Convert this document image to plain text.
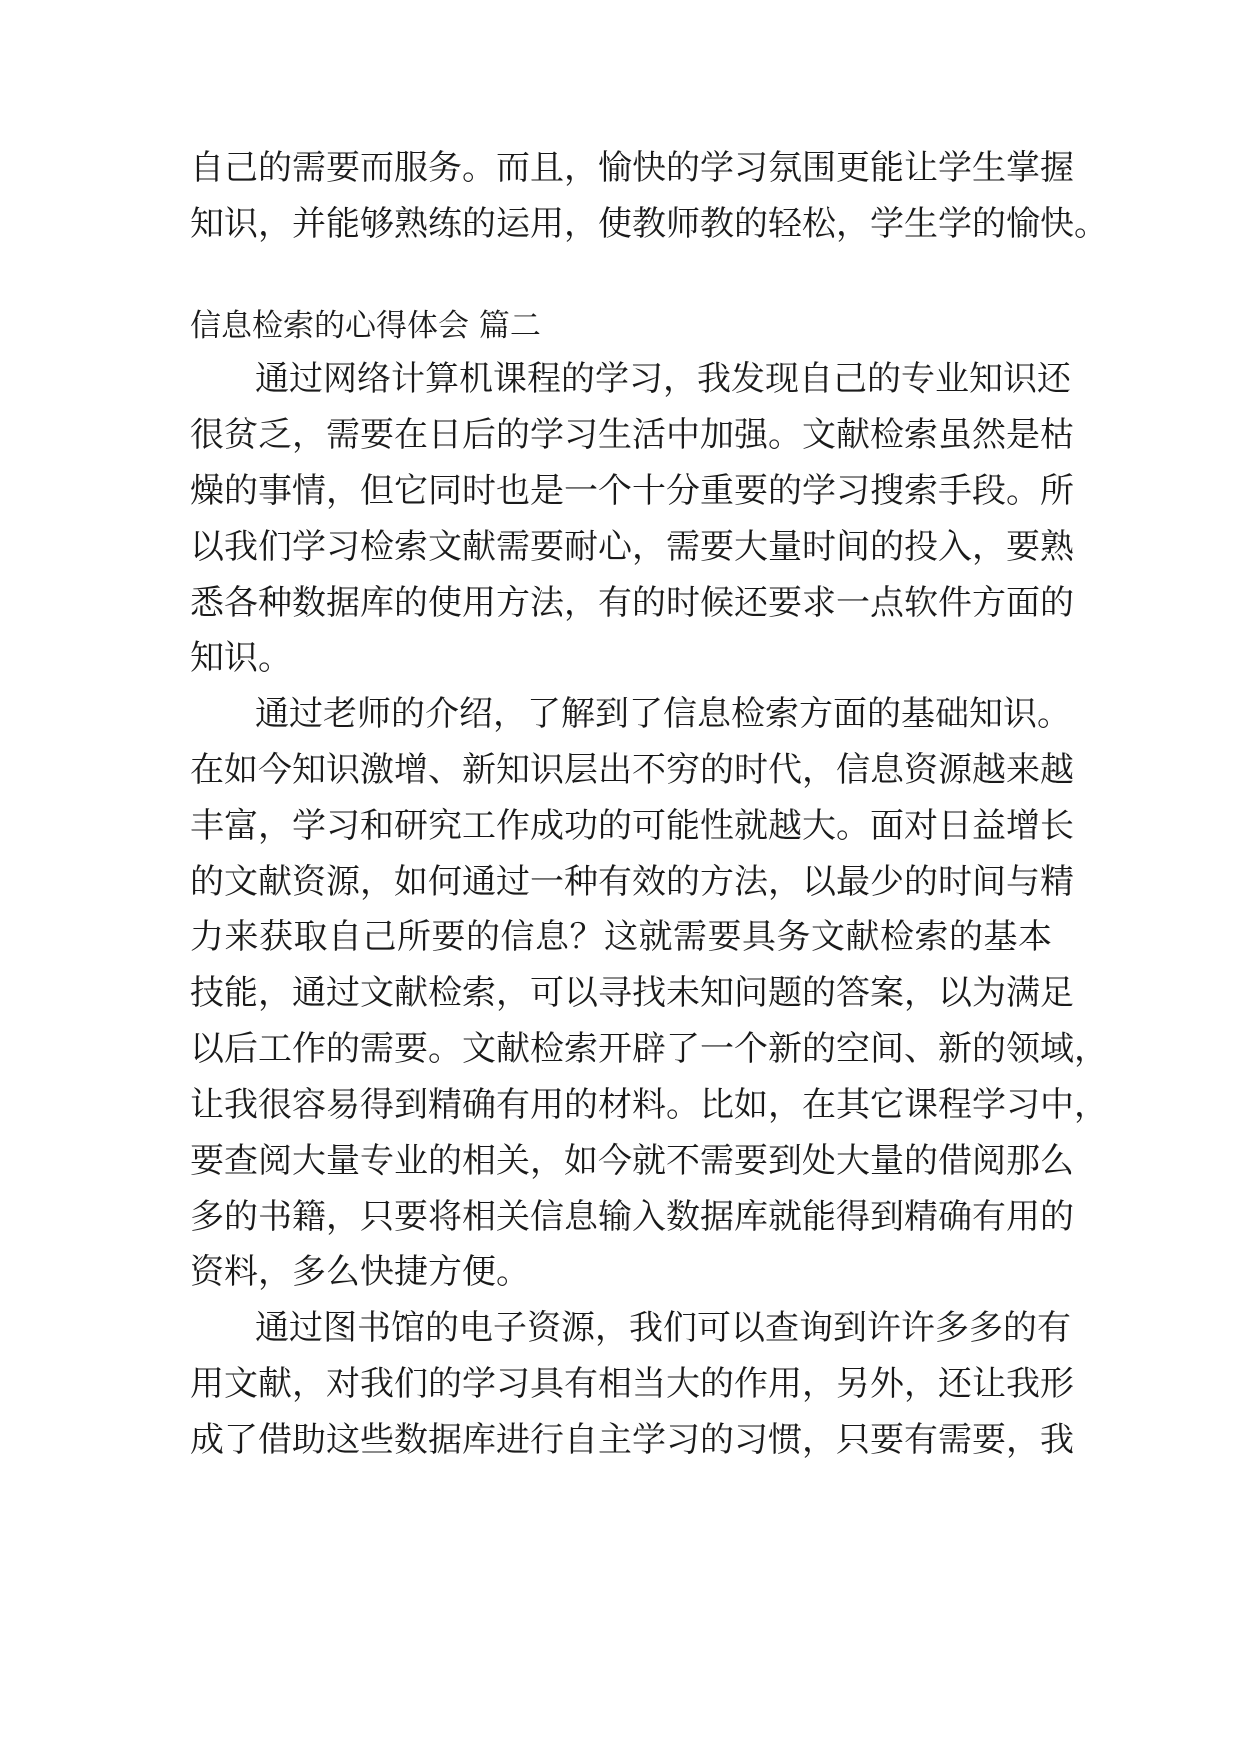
自己的需要而服务。而且，愉快的学习氛围更能让学生掌握

知识，并能够熟练的运用，使教师教的轻松，学生学的愉快。

信息检索的心得体会 篇二

通过网络计算机课程的学习，我发现自己的专业知识还

很贫乏，需要在日后的学习生活中加强。文献检索虽然是枯

燥的事情，但它同时也是一个十分重要的学习搜索手段。所

以我们学习检索文献需要耐心，需要大量时间的投入，要熟

悉各种数据库的使用方法，有的时候还要求一点软件方面的

知识。

通过老师的介绍，了解到了信息检索方面的基础知识。

在如今知识激增、新知识层出不穷的时代，信息资源越来越

丰富，学习和研究工作成功的可能性就越大。面对日益增长

的文献资源，如何通过一种有效的方法，以最少的时间与精

力来获取自己所要的信息？这就需要具务文献检索的基本

技能，通过文献检索，可以寻找未知问题的答案，以为满足

以后工作的需要。文献检索开辟了一个新的空间、新的领域，

让我很容易得到精确有用的材料。比如，在其它课程学习中，

要查阅大量专业的相关，如今就不需要到处大量的借阅那么

多的书籍，只要将相关信息输入数据库就能得到精确有用的

资料，多么快捷方便。

通过图书馆的电子资源，我们可以查询到许许多多的有

用文献，对我们的学习具有相当大的作用，另外，还让我形

成了借助这些数据库进行自主学习的习惯，只要有需要，我
